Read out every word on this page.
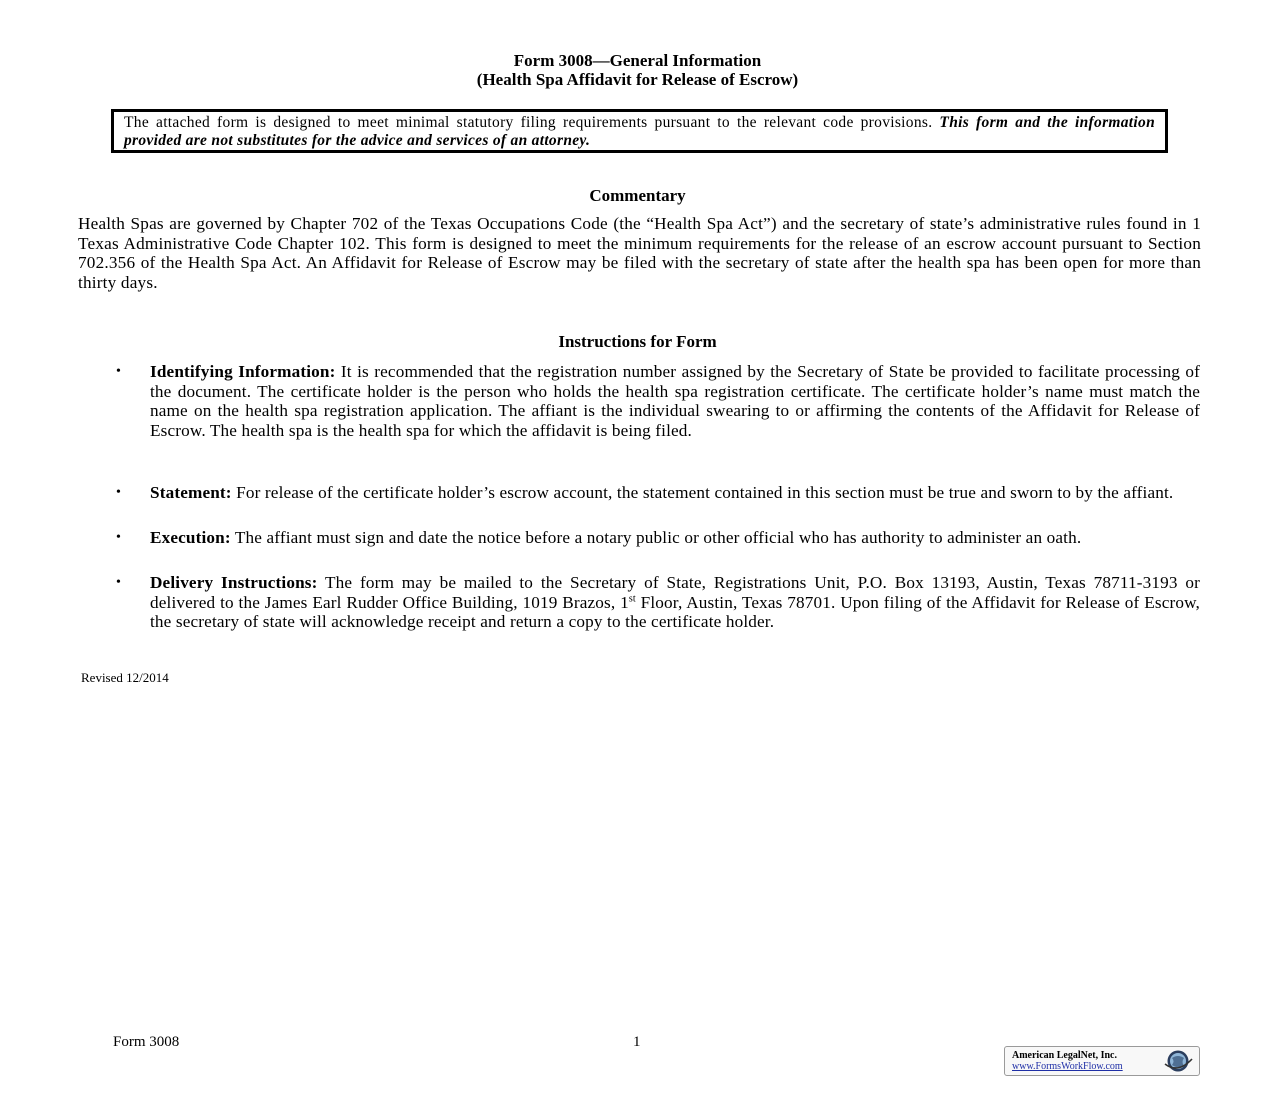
Form 3008—General Information
(Health Spa Affidavit for Release of Escrow)
The attached form is designed to meet minimal statutory filing requirements pursuant to the relevant code provisions. This form and the information provided are not substitutes for the advice and services of an attorney.
Commentary
Health Spas are governed by Chapter 702 of the Texas Occupations Code (the “Health Spa Act”) and the secretary of state’s administrative rules found in 1 Texas Administrative Code Chapter 102. This form is designed to meet the minimum requirements for the release of an escrow account pursuant to Section 702.356 of the Health Spa Act. An Affidavit for Release of Escrow may be filed with the secretary of state after the health spa has been open for more than thirty days.
Instructions for Form
• Identifying Information: It is recommended that the registration number assigned by the Secretary of State be provided to facilitate processing of the document. The certificate holder is the person who holds the health spa registration certificate. The certificate holder’s name must match the name on the health spa registration application. The affiant is the individual swearing to or affirming the contents of the Affidavit for Release of Escrow. The health spa is the health spa for which the affidavit is being filed.
• Statement: For release of the certificate holder’s escrow account, the statement contained in this section must be true and sworn to by the affiant.
• Execution: The affiant must sign and date the notice before a notary public or other official who has authority to administer an oath.
• Delivery Instructions: The form may be mailed to the Secretary of State, Registrations Unit, P.O. Box 13193, Austin, Texas 78711-3193 or delivered to the James Earl Rudder Office Building, 1019 Brazos, 1st Floor, Austin, Texas 78701. Upon filing of the Affidavit for Release of Escrow, the secretary of state will acknowledge receipt and return a copy to the certificate holder.
Revised 12/2014
Form 3008	1
American LegalNet, Inc.
www.FormsWorkFlow.com
